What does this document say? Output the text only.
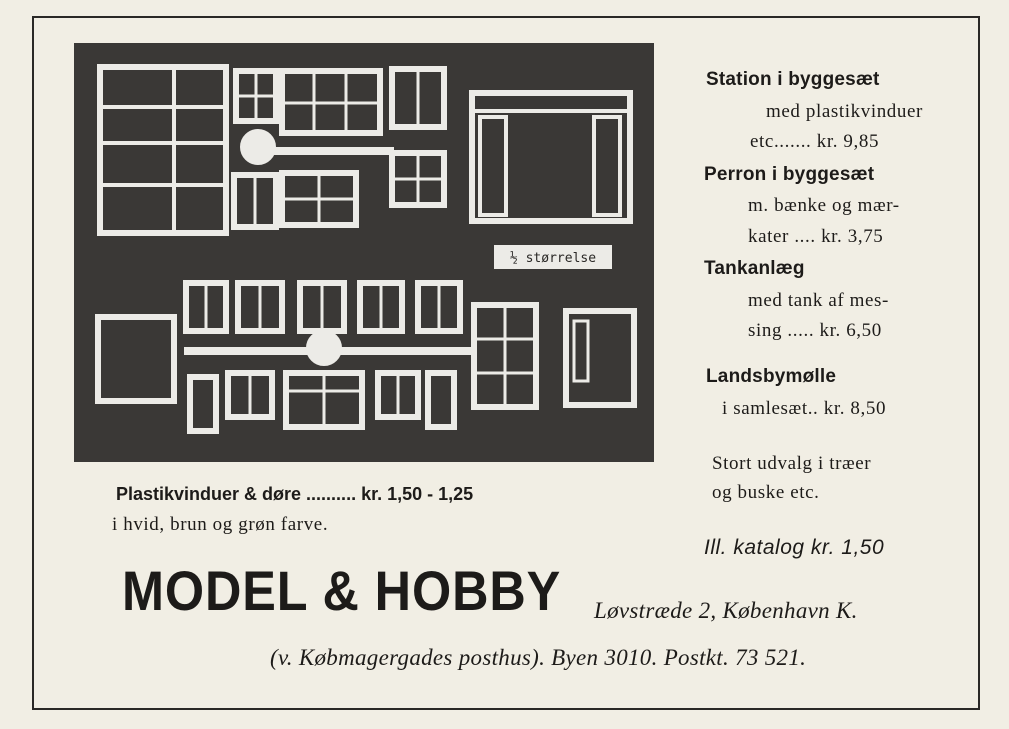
½ størrelse
Station i byggesæt
med plastikvinduer
etc....... kr. 9,85
Perron i byggesæt
m. bænke og mær-
kater .... kr. 3,75
Tankanlæg
med tank af mes-
sing ..... kr. 6,50
Landsbymølle
i samlesæt.. kr. 8,50
Stort udvalg i træer
og buske etc.
Ill. katalog kr. 1,50
Plastikvinduer & døre .......... kr. 1,50 - 1,25
i hvid, brun og grøn farve.
MODEL & HOBBY Løvstræde 2, København K.
(v. Købmagergades posthus). Byen 3010. Postkt. 73 521.
